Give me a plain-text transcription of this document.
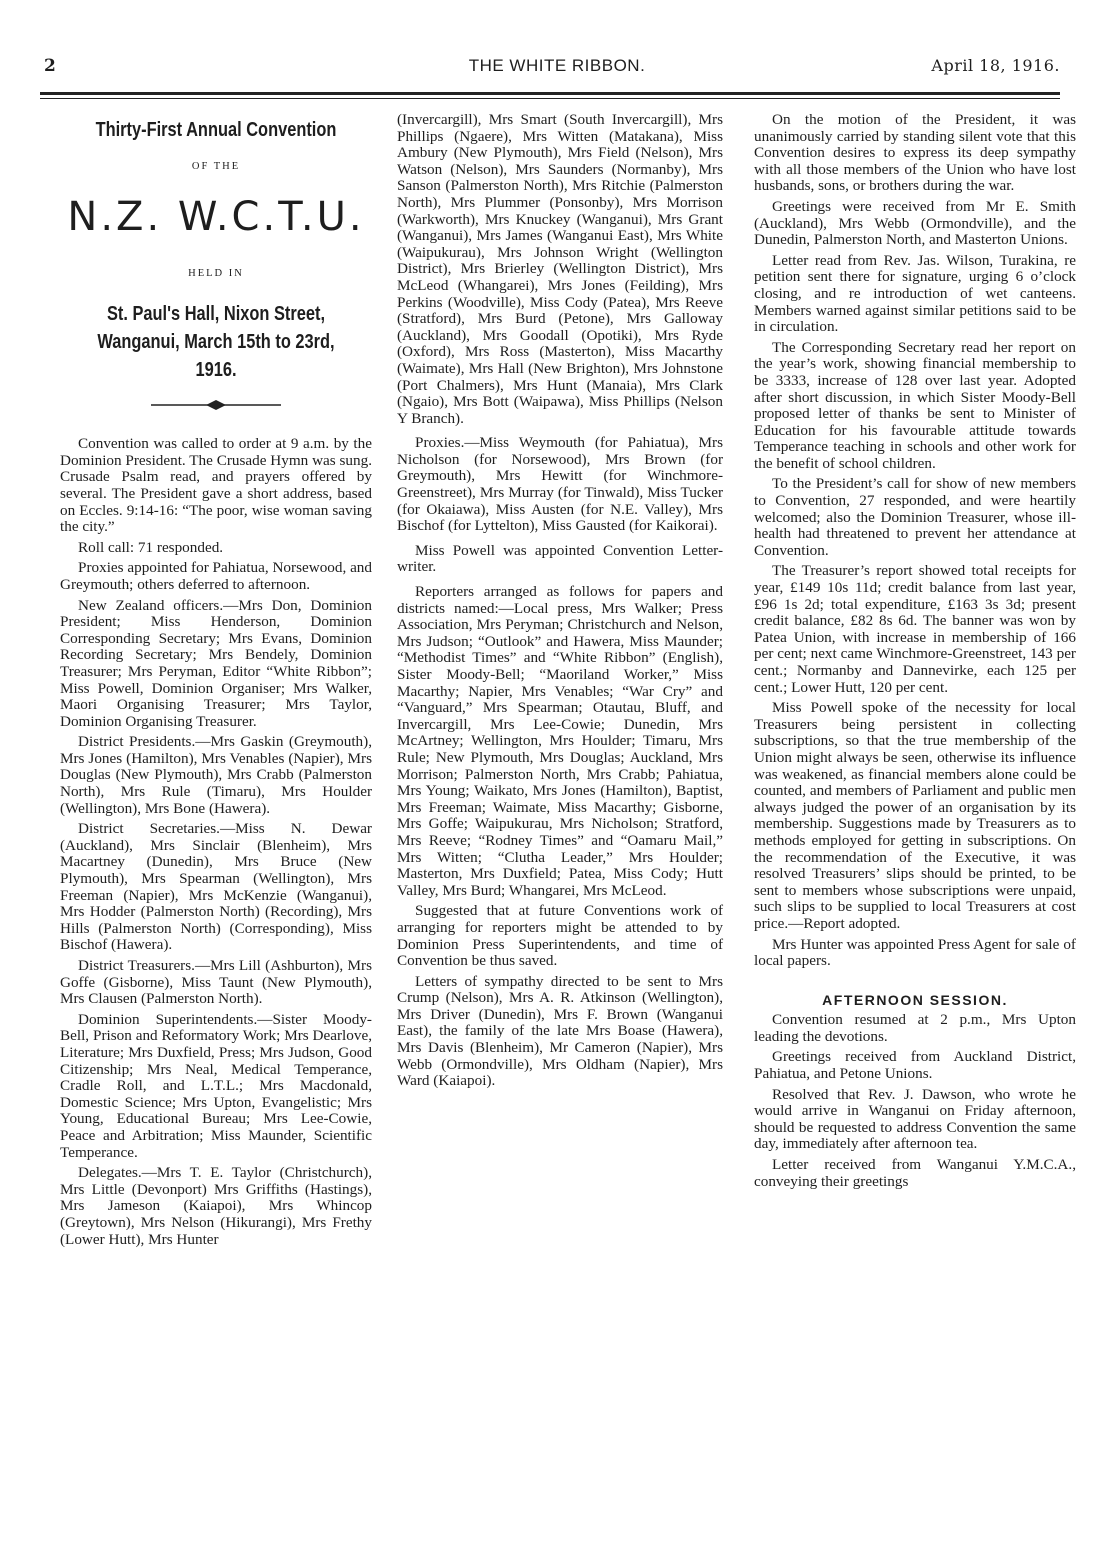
2	THE WHITE RIBBON.	April 18, 1916.
Thirty-First Annual Convention
OF THE
N.Z. W.C.T.U.
HELD IN
St. Paul's Hall, Nixon Street, Wanganui, March 15th to 23rd, 1916.

Convention was called to order at 9 a.m. by the Dominion President. The Crusade Hymn was sung. Crusade Psalm read, and prayers offered by several. The President gave a short address, based on Eccles. 9:14-16: “The poor, wise woman saving the city.”

Roll call: 71 responded.

Proxies appointed for Pahiatua, Norsewood, and Greymouth; others deferred to afternoon.

New Zealand officers.—Mrs Don, Dominion President; Miss Henderson, Dominion Corresponding Secretary; Mrs Evans, Dominion Recording Secretary; Mrs Bendely, Dominion Treasurer; Mrs Peryman, Editor “White Ribbon”; Miss Powell, Dominion Organiser; Mrs Walker, Maori Organising Treasurer; Mrs Taylor, Dominion Organising Treasurer.

District Presidents.—Mrs Gaskin (Greymouth), Mrs Jones (Hamilton), Mrs Venables (Napier), Mrs Douglas (New Plymouth), Mrs Crabb (Palmerston North), Mrs Rule (Timaru), Mrs Houlder (Wellington), Mrs Bone (Hawera).

District Secretaries.—Miss N. Dewar (Auckland), Mrs Sinclair (Blenheim), Mrs Macartney (Dunedin), Mrs Bruce (New Plymouth), Mrs Spearman (Wellington), Mrs Freeman (Napier), Mrs McKenzie (Wanganui), Mrs Hodder (Palmerston North) (Recording), Mrs Hills (Palmerston North) (Corresponding), Miss Bischof (Hawera).

District Treasurers.—Mrs Lill (Ashburton), Mrs Goffe (Gisborne), Miss Taunt (New Plymouth), Mrs Clausen (Palmerston North).

Dominion Superintendents.—Sister Moody-Bell, Prison and Reformatory Work; Mrs Dearlove, Literature; Mrs Duxfield, Press; Mrs Judson, Good Citizenship; Mrs Neal, Medical Temperance, Cradle Roll, and L.T.L.; Mrs Macdonald, Domestic Science; Mrs Upton, Evangelistic; Mrs Young, Educational Bureau; Mrs Lee-Cowie, Peace and Arbitration; Miss Maunder, Scientific Temperance.

Delegates.—Mrs T. E. Taylor (Christchurch), Mrs Little (Devonport) Mrs Griffiths (Hastings), Mrs Jameson (Kaiapoi), Mrs Whincop (Greytown), Mrs Nelson (Hikurangi), Mrs Frethy (Lower Hutt), Mrs Hunter

(Invercargill), Mrs Smart (South Invercargill), Mrs Phillips (Ngaere), Mrs Witten (Matakana), Miss Ambury (New Plymouth), Mrs Field (Nelson), Mrs Watson (Nelson), Mrs Saunders (Normanby), Mrs Sanson (Palmerston North), Mrs Ritchie (Palmerston North), Mrs Plummer (Ponsonby), Mrs Morrison (Warkworth), Mrs Knuckey (Wanganui), Mrs Grant (Wanganui), Mrs James (Wanganui East), Mrs White (Waipukurau), Mrs Johnson Wright (Wellington District), Mrs Brierley (Wellington District), Mrs McLeod (Whangarei), Mrs Jones (Feilding), Mrs Perkins (Woodville), Miss Cody (Patea), Mrs Reeve (Stratford), Mrs Burd (Petone), Mrs Galloway (Auckland), Mrs Goodall (Opotiki), Mrs Ryde (Oxford), Mrs Ross (Masterton), Miss Macarthy (Waimate), Mrs Hall (New Brighton), Mrs Johnstone (Port Chalmers), Mrs Hunt (Manaia), Mrs Clark (Ngaio), Mrs Bott (Waipawa), Miss Phillips (Nelson Y Branch).

Proxies.—Miss Weymouth (for Pahiatua), Mrs Nicholson (for Norsewood), Mrs Brown (for Greymouth), Mrs Hewitt (for Winchmore-Greenstreet), Mrs Murray (for Tinwald), Miss Tucker (for Okaiawa), Miss Austen (for N.E. Valley), Mrs Bischof (for Lyttelton), Miss Gausted (for Kaikorai).

Miss Powell was appointed Convention Letter-writer.

Reporters arranged as follows for papers and districts named:—Local press, Mrs Walker; Press Association, Mrs Peryman; Christchurch and Nelson, Mrs Judson; “Outlook” and Hawera, Miss Maunder; “Methodist Times” and “White Ribbon” (English), Sister Moody-Bell; “Maoriland Worker,” Miss Macarthy; Napier, Mrs Venables; “War Cry” and “Vanguard,” Mrs Spearman; Otautau, Bluff, and Invercargill, Mrs Lee-Cowie; Dunedin, Mrs McArtney; Wellington, Mrs Houlder; Timaru, Mrs Rule; New Plymouth, Mrs Douglas; Auckland, Mrs Morrison; Palmerston North, Mrs Crabb; Pahiatua, Mrs Young; Waikato, Mrs Jones (Hamilton), Baptist, Mrs Freeman; Waimate, Miss Macarthy; Gisborne, Mrs Goffe; Waipukurau, Mrs Nicholson; Stratford, Mrs Reeve; “Rodney Times” and “Oamaru Mail,” Mrs Witten; “Clutha Leader,” Mrs Houlder; Masterton, Mrs Duxfield; Patea, Miss Cody; Hutt Valley, Mrs Burd; Whangarei, Mrs McLeod.

Suggested that at future Conventions work of arranging for reporters might be attended to by Dominion Press Superintendents, and time of Convention be thus saved.

Letters of sympathy directed to be sent to Mrs Crump (Nelson), Mrs A. R. Atkinson (Wellington), Mrs Driver (Dunedin), Mrs F. Brown (Wanganui East), the family of the late Mrs Boase (Hawera), Mrs Davis (Blenheim), Mr Cameron (Napier), Mrs Webb (Ormondville), Mrs Oldham (Napier), Mrs Ward (Kaiapoi).

On the motion of the President, it was unanimously carried by standing silent vote that this Convention desires to express its deep sympathy with all those members of the Union who have lost husbands, sons, or brothers during the war.

Greetings were received from Mr E. Smith (Auckland), Mrs Webb (Ormondville), and the Dunedin, Palmerston North, and Masterton Unions.

Letter read from Rev. Jas. Wilson, Turakina, re petition sent there for signature, urging 6 o’clock closing, and re introduction of wet canteens. Members warned against similar petitions said to be in circulation.

The Corresponding Secretary read her report on the year’s work, showing financial membership to be 3333, increase of 128 over last year. Adopted after short discussion, in which Sister Moody-Bell proposed letter of thanks be sent to Minister of Education for his favourable attitude towards Temperance teaching in schools and other work for the benefit of school children.

To the President’s call for show of new members to Convention, 27 responded, and were heartily welcomed; also the Dominion Treasurer, whose ill-health had threatened to prevent her attendance at Convention.

The Treasurer’s report showed total receipts for year, £149 10s 11d; credit balance from last year, £96 1s 2d; total expenditure, £163 3s 3d; present credit balance, £82 8s 6d. The banner was won by Patea Union, with increase in membership of 166 per cent; next came Winchmore-Greenstreet, 143 per cent.; Normanby and Dannevirke, each 125 per cent.; Lower Hutt, 120 per cent.

Miss Powell spoke of the necessity for local Treasurers being persistent in collecting subscriptions, so that the true membership of the Union might always be seen, otherwise its influence was weakened, as financial members alone could be counted, and members of Parliament and public men always judged the power of an organisation by its membership. Suggestions made by Treasurers as to methods employed for getting in subscriptions. On the recommendation of the Executive, it was resolved Treasurers’ slips should be printed, to be sent to members whose subscriptions were unpaid, such slips to be supplied to local Treasurers at cost price.—Report adopted.

Mrs Hunter was appointed Press Agent for sale of local papers.

AFTERNOON SESSION.

Convention resumed at 2 p.m., Mrs Upton leading the devotions.

Greetings received from Auckland District, Pahiatua, and Petone Unions.

Resolved that Rev. J. Dawson, who wrote he would arrive in Wanganui on Friday afternoon, should be requested to address Convention the same day, immediately after afternoon tea.

Letter received from Wanganui Y.M.C.A., conveying their greetings
